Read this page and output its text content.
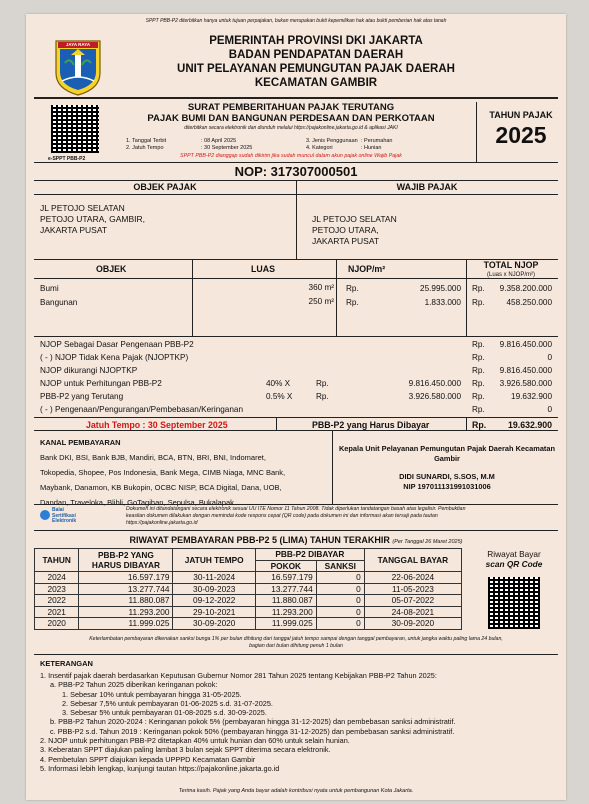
SPPT PBB-P2 diterbitkan hanya untuk tujuan perpajakan, bukan merupakan bukti kepemilikan hak atau bukti pemberian hak atas tanah
JAYA RAYA	PEMERINTAH PROVINSI DKI JAKARTA
BADAN PENDAPATAN DAERAH
UNIT PELAYANAN PEMUNGUTAN PAJAK DAERAH
KECAMATAN GAMBIR
e-SPPT PBB-P2
SURAT PEMBERITAHUAN PAJAK TERUTANG
PAJAK BUMI DAN BANGUNAN PERDESAAN DAN PERKOTAAN
diterbitkan secara elektronik dan diunduh melalui https://pajakonline.jakarta.go.id & aplikasi JAKI
1. Tanggal Terbit	: 08 April 2025	3. Jenis Penggunaan : Perumahan
2. Jatuh Tempo	: 30 September 2025	4. Kategori	: Hunian
SPPT PBB-P2 dianggap sudah dikirim jika sudah muncul dalam akun pajak online Wajib Pajak
TAHUN PAJAK
2025
NOP: 317307000501
OBJEK PAJAK	WAJIB PAJAK
JL PETOJO SELATAN
PETOJO UTARA, GAMBIR,
JAKARTA PUSAT
JL PETOJO SELATAN
PETOJO UTARA,
JAKARTA PUSAT
OBJEK	LUAS	NJOP/m²	TOTAL NJOP
(Luas x NJOP/m²)
Bumi	360 m² Rp.	25.995.000 Rp.	9.358.200.000
Bangunan	250 m² Rp.	1.833.000 Rp.	458.250.000
NJOP Sebagai Dasar Pengenaan PBB-P2	Rp.	9.816.450.000
( - ) NJOP Tidak Kena Pajak (NJOPTKP)	Rp.	0
NJOP dikurangi NJOPTKP	Rp.	9.816.450.000
NJOP untuk Perhitungan PBB-P2	40% X	Rp.	9.816.450.000 Rp.	3.926.580.000
PBB-P2 yang Terutang	0.5% X	Rp.	3.926.580.000 Rp.	19.632.900
( - ) Pengenaan/Pengurangan/Pembebasan/Keringanan	Rp.	0
Jatuh Tempo : 30 September 2025	PBB-P2 yang Harus Dibayar	Rp.	19.632.900
KANAL PEMBAYARAN
Bank DKI, BSI, Bank BJB, Mandiri, BCA, BTN, BRI, BNI, Indomaret,
Tokopedia, Shopee, Pos Indonesia, Bank Mega, CIMB Niaga, MNC Bank,
Maybank, Danamon, KB Bukopin, OCBC NISP, BCA Digital, Dana, UOB,
Dandan, Traveloka, Blibli, GoTagihan, Sepulsa, Bukalapak.
Kepala Unit Pelayanan Pemungutan Pajak Daerah Kecamatan
Gambir
DIDI SUNARDI, S.SOS, M.M
NIP 197011131991031006
Balai
Sertifikasi
Elektronik
Dokumen ini ditandatangani secara elektronik sesuai UU ITE Nomor 11 Tahun 2008. Tidak diperlukan tandatangan basah atas legalisir. Pembuktian
keaslian dokumen dilakukan dengan memindai kode respons cepat (QR code) pada dokumen ini dan informasi akan tersaji pada tautan
https://pajakonline.jakarta.go.id
RIWAYAT PEMBAYARAN PBB-P2 5 (LIMA) TAHUN TERAKHIR (Per Tanggal 26 Maret 2025)
TAHUN	PBB-P2 YANG
HARUS DIBAYAR	JATUH TEMPO	PBB-P2 DIBAYAR		TANGGAL BAYAR
			POKOK	SANKSI	
2024	16.597.179	30-11-2024	16.597.179	0	22-06-2024
2023	13.277.744	30-09-2023	13.277.744	0	11-05-2023
2022	11.880.087	09-12-2022	11.880.087	0	05-07-2022
2021	11.293.200	29-10-2021	11.293.200	0	24-08-2021
2020	11.999.025	30-09-2020	11.999.025	0	30-09-2020
Riwayat Bayar
scan QR Code
Keterlambatan pembayaran dikenakan sanksi bunga 1% per bulan dihitung dari tanggal jatuh tempo sampai dengan tanggal pembayaran, untuk jangka waktu paling lama 24 bulan,
bagian dari bulan dihitung penuh 1 bulan
KETERANGAN
1. Insentif pajak daerah berdasarkan Keputusan Gubernur Nomor 281 Tahun 2025 tentang Kebijakan PBB-P2 Tahun 2025:
a. PBB-P2 Tahun 2025 diberikan keringanan pokok:
1. Sebesar 10% untuk pembayaran hingga 31-05-2025.
2. Sebesar 7,5% untuk pembayaran 01-06-2025 s.d. 31-07-2025.
3. Sebesar 5% untuk pembayaran 01-08-2025 s.d. 30-09-2025.
b. PBB-P2 Tahun 2020-2024 : Keringanan pokok 5% (pembayaran hingga 31-12-2025) dan pembebasan sanksi administratif.
c. PBB-P2 s.d. Tahun 2019 : Keringanan pokok 50% (pembayaran hingga 31-12-2025) dan pembebasan sanksi administratif.
2. NJOP untuk perhitungan PBB-P2 ditetapkan 40% untuk hunian dan 60% untuk selain hunian.
3. Keberatan SPPT diajukan paling lambat 3 bulan sejak SPPT diterima secara elektronik.
4. Pembetulan SPPT diajukan kepada UPPPD Kecamatan Gambir
5. Informasi lebih lengkap, kunjungi tautan https://pajakonline.jakarta.go.id
Terima kasih. Pajak yang Anda bayar adalah kontribusi nyata untuk pembangunan Kota Jakarta.
